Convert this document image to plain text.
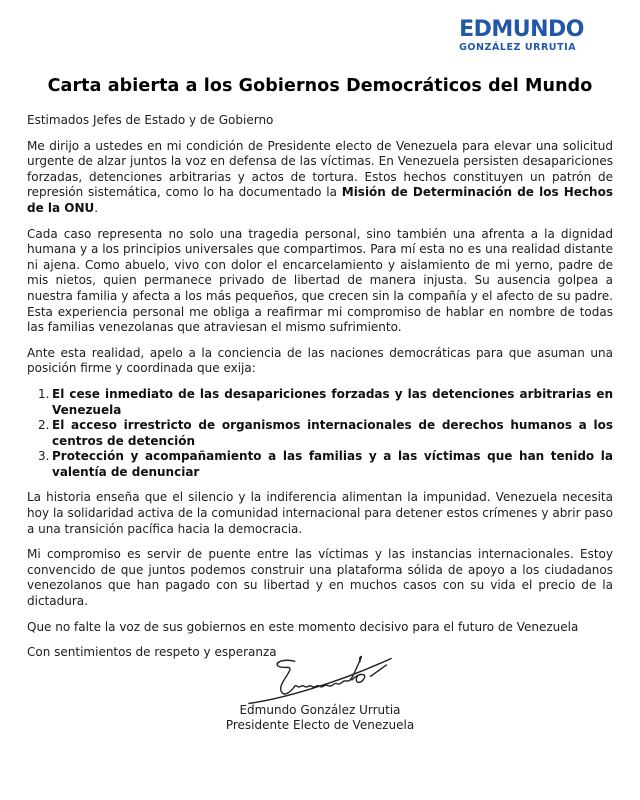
EDMUNDO
GONZÁLEZ URRUTIA
Carta abierta a los Gobiernos Democráticos del Mundo

Estimados Jefes de Estado y de Gobierno

Me dirijo a ustedes en mi condición de Presidente electo de Venezuela para elevar una solicitud urgente de alzar juntos la voz en defensa de las víctimas. En Venezuela persisten desapariciones forzadas, detenciones arbitrarias y actos de tortura. Estos hechos constituyen un patrón de represión sistemática, como lo ha documentado la Misión de Determinación de los Hechos de la ONU.

Cada caso representa no solo una tragedia personal, sino también una afrenta a la dignidad humana y a los principios universales que compartimos. Para mí esta no es una realidad distante ni ajena. Como abuelo, vivo con dolor el encarcelamiento y aislamiento de mi yerno, padre de mis nietos, quien permanece privado de libertad de manera injusta. Su ausencia golpea a nuestra familia y afecta a los más pequeños, que crecen sin la compañía y el afecto de su padre. Esta experiencia personal me obliga a reafirmar mi compromiso de hablar en nombre de todas las familias venezolanas que atraviesan el mismo sufrimiento.

Ante esta realidad, apelo a la conciencia de las naciones democráticas para que asuman una posición firme y coordinada que exija:

1. El cese inmediato de las desapariciones forzadas y las detenciones arbitrarias en Venezuela
2. El acceso irrestricto de organismos internacionales de derechos humanos a los centros de detención
3. Protección y acompañamiento a las familias y a las víctimas que han tenido la valentía de denunciar

La historia enseña que el silencio y la indiferencia alimentan la impunidad. Venezuela necesita hoy la solidaridad activa de la comunidad internacional para detener estos crímenes y abrir paso a una transición pacífica hacia la democracia.

Mi compromiso es servir de puente entre las víctimas y las instancias internacionales. Estoy convencido de que juntos podemos construir una plataforma sólida de apoyo a los ciudadanos venezolanos que han pagado con su libertad y en muchos casos con su vida el precio de la dictadura.

Que no falte la voz de sus gobiernos en este momento decisivo para el futuro de Venezuela

Con sentimientos de respeto y esperanza

Edmundo González Urrutia
Presidente Electo de Venezuela
